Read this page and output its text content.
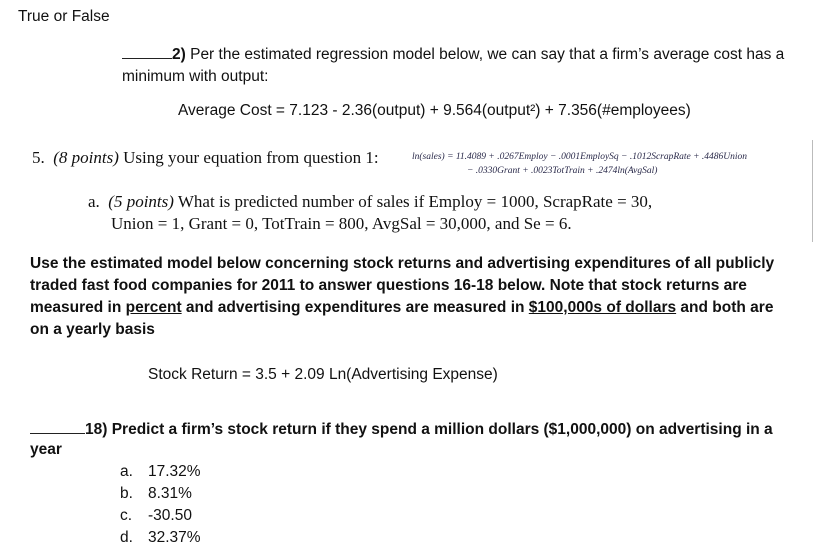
True or False
2) Per the estimated regression model below, we can say that a firm’s average cost has a
minimum with output:
Average Cost = 7.123 - 2.36(output) + 9.564(output²) + 7.356(#employees)
5. (8 points) Using your equation from question 1:	ln(sales) = 11.4089 + .0267Employ − .0001EmploySq − .1012ScrapRate + .4486Union
− .0330Grant + .0023TotTrain + .2474ln(AvgSal)
a. (5 points) What is predicted number of sales if Employ = 1000, ScrapRate = 30,
Union = 1, Grant = 0, TotTrain = 800, AvgSal = 30,000, and Se = 6.
Use the estimated model below concerning stock returns and advertising expenditures of all publicly
traded fast food companies for 2011 to answer questions 16-18 below. Note that stock returns are
measured in percent and advertising expenditures are measured in $100,000s of dollars and both are
on a yearly basis
Stock Return = 3.5 + 2.09 Ln(Advertising Expense)
18) Predict a firm’s stock return if they spend a million dollars ($1,000,000) on advertising in a
year
a. 17.32%
b. 8.31%
c. -30.50
d. 32.37%
